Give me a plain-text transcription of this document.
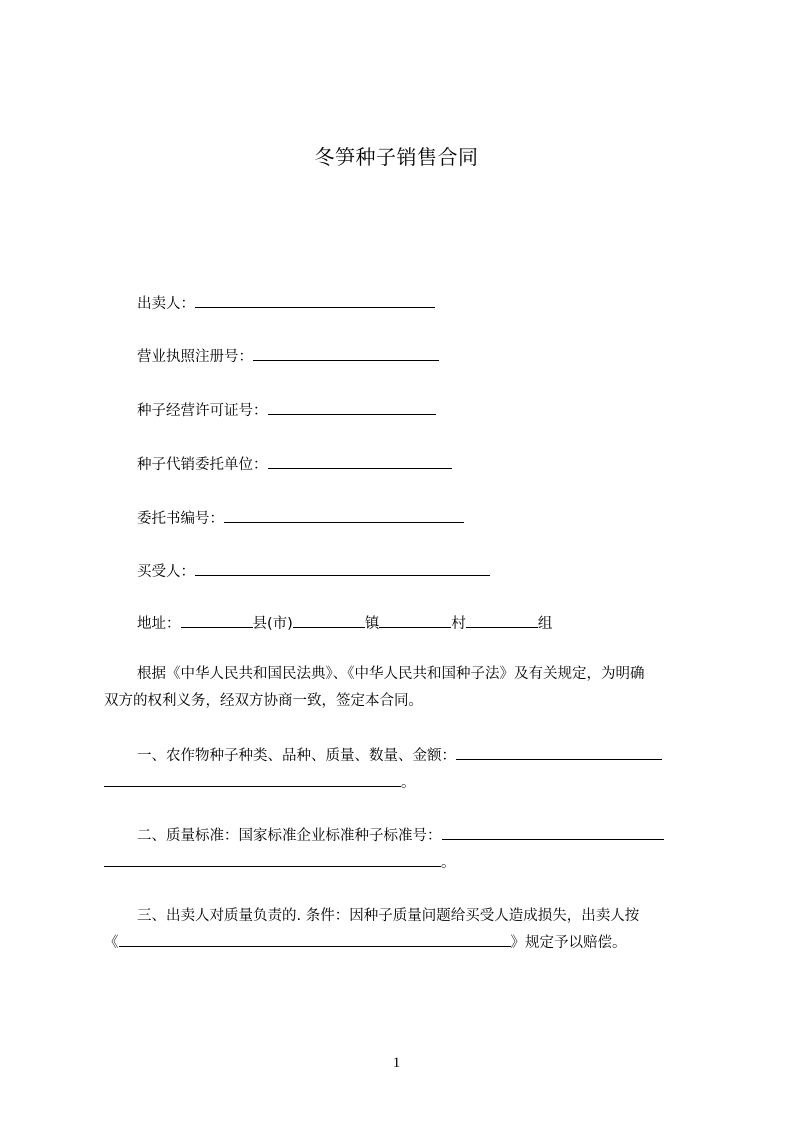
冬笋种子销售合同
出卖人：
营业执照注册号：
种子经营许可证号：
种子代销委托单位：
委托书编号：
买受人：
地址：	县(市)	镇	村	组
根据《中华人民共和国民法典》、《中华人民共和国种子法》及有关规定，为明确
双方的权利义务，经双方协商一致，签定本合同。
一、农作物种子种类、品种、质量、数量、金额：
。
二、质量标准：国家标准企业标准种子标准号：
。
三、出卖人对质量负责的. 条件：因种子质量问题给买受人造成损失，出卖人按
《	》规定予以赔偿。
1
